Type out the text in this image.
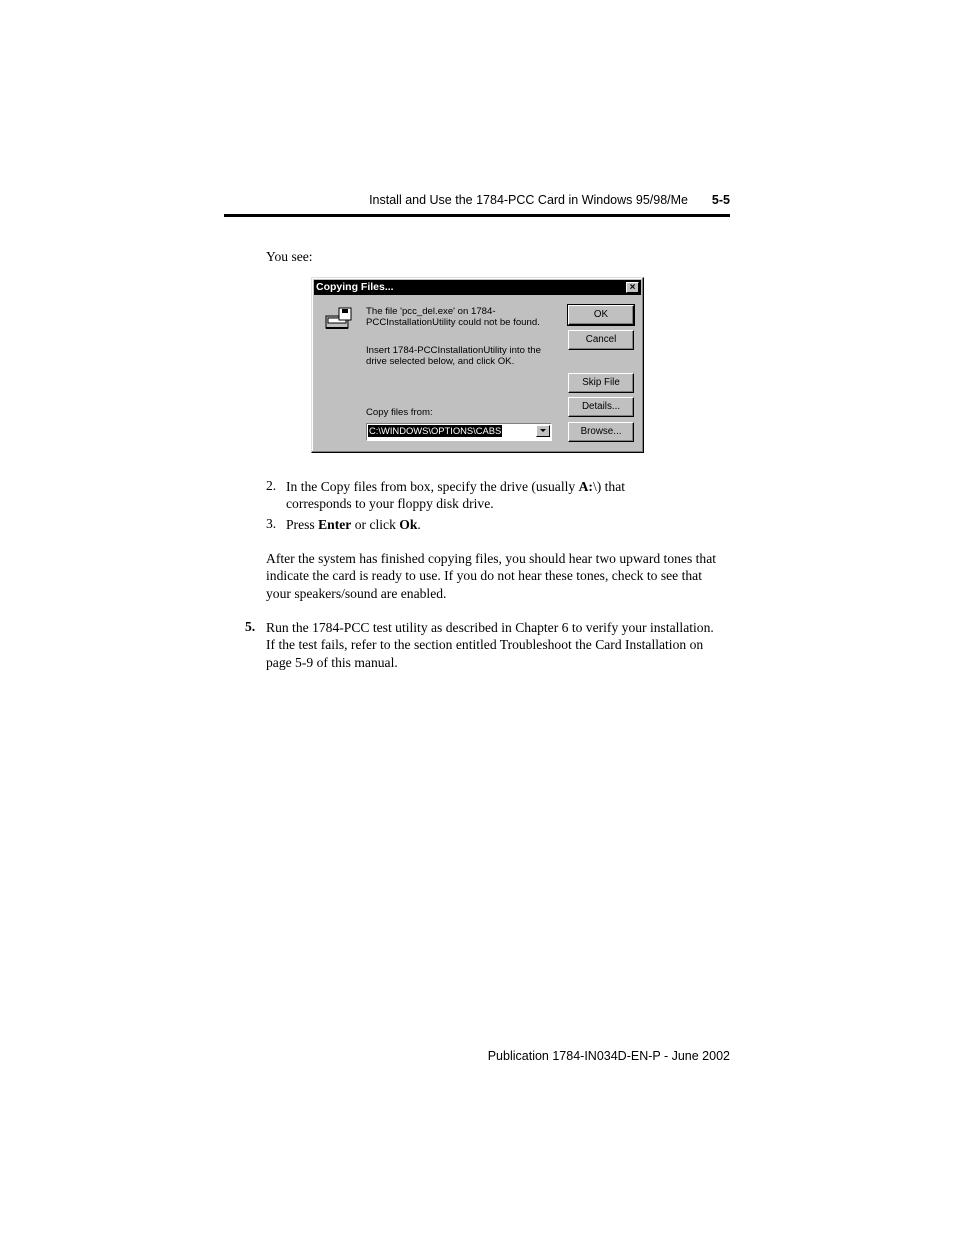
Install and Use the 1784-PCC Card in Windows 95/98/Me 5-5
You see:
Copying Files...	×
The file 'pcc_del.exe' on 1784-PCCInstallationUtility could not be found.
Insert 1784-PCCInstallationUtility into the drive selected below, and click OK.
OK
Cancel
Skip File
Details...
Browse...
Copy files from:
C:\WINDOWS\OPTIONS\CABS
2. In the Copy files from box, specify the drive (usually A:\) that corresponds to your floppy disk drive.
3. Press Enter or click Ok.
After the system has finished copying files, you should hear two upward tones that indicate the card is ready to use. If you do not hear these tones, check to see that your speakers/sound are enabled.
5. Run the 1784-PCC test utility as described in Chapter 6 to verify your installation. If the test fails, refer to the section entitled Troubleshoot the Card Installation on page 5-9 of this manual.
Publication 1784-IN034D-EN-P - June 2002
